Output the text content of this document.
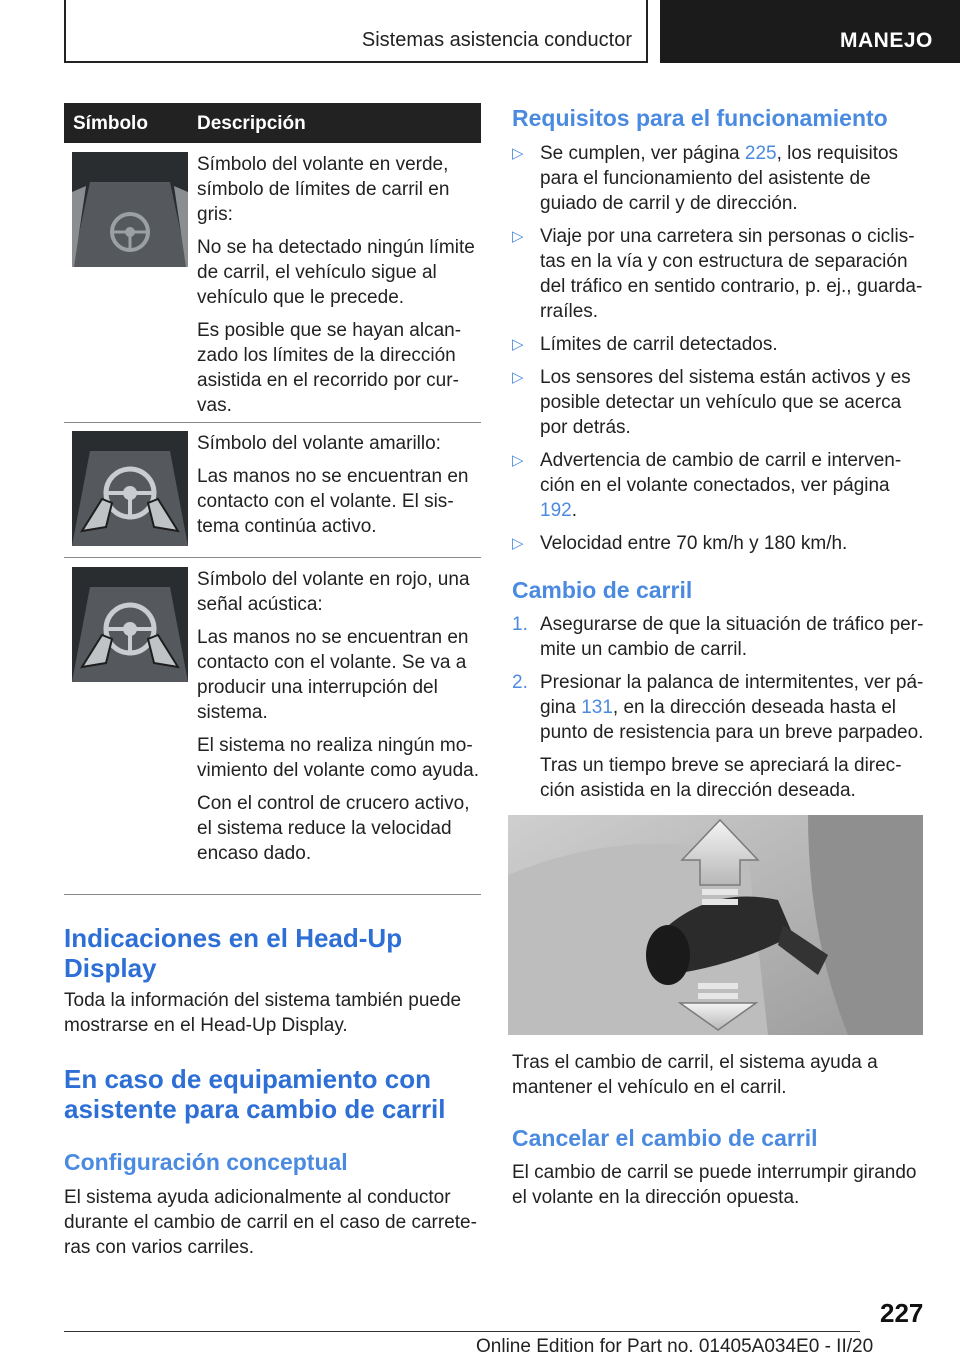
Sistemas asistencia conductor	MANEJO
Símbolo	Descripción

Símbolo del volante en verde, símbolo de límites de carril en gris:

No se ha detectado ningún límite de carril, el vehículo sigue al vehículo que le precede.

Es posible que se hayan alcanzado los límites de la dirección asistida en el recorrido por curvas.

Símbolo del volante amarillo:

Las manos no se encuentran en contacto con el volante. El sistema continúa activo.

Símbolo del volante en rojo, una señal acústica:

Las manos no se encuentran en contacto con el volante. Se va a producir una interrupción del sistema.

El sistema no realiza ningún movimiento del volante como ayuda.

Con el control de crucero activo, el sistema reduce la velocidad encaso dado.

Indicaciones en el Head-Up Display

Toda la información del sistema también puede mostrarse en el Head-Up Display.

En caso de equipamiento con asistente para cambio de carril
Configuración conceptual

El sistema ayuda adicionalmente al conductor durante el cambio de carril en el caso de carreteras con varios carriles.

Requisitos para el funcionamiento
▷ Se cumplen, ver página 225, los requisitos para el funcionamiento del asistente de guiado de carril y de dirección.
▷ Viaje por una carretera sin personas o ciclistas en la vía y con estructura de separación del tráfico en sentido contrario, p. ej., guardarraíles.
▷ Límites de carril detectados.
▷ Los sensores del sistema están activos y es posible detectar un vehículo que se acerca por detrás.
▷ Advertencia de cambio de carril e intervención en el volante conectados, ver página 192.
▷ Velocidad entre 70 km/h y 180 km/h.
Cambio de carril
1. Asegurarse de que la situación de tráfico permite un cambio de carril.
2. Presionar la palanca de intermitentes, ver página 131, en la dirección deseada hasta el punto de resistencia para un breve parpadeo.

Tras un tiempo breve se apreciará la dirección asistida en la dirección deseada.

Tras el cambio de carril, el sistema ayuda a mantener el vehículo en el carril.

Cancelar el cambio de carril

El cambio de carril se puede interrumpir girando el volante en la dirección opuesta.

227
Online Edition for Part no. 01405A034E0 - II/20
